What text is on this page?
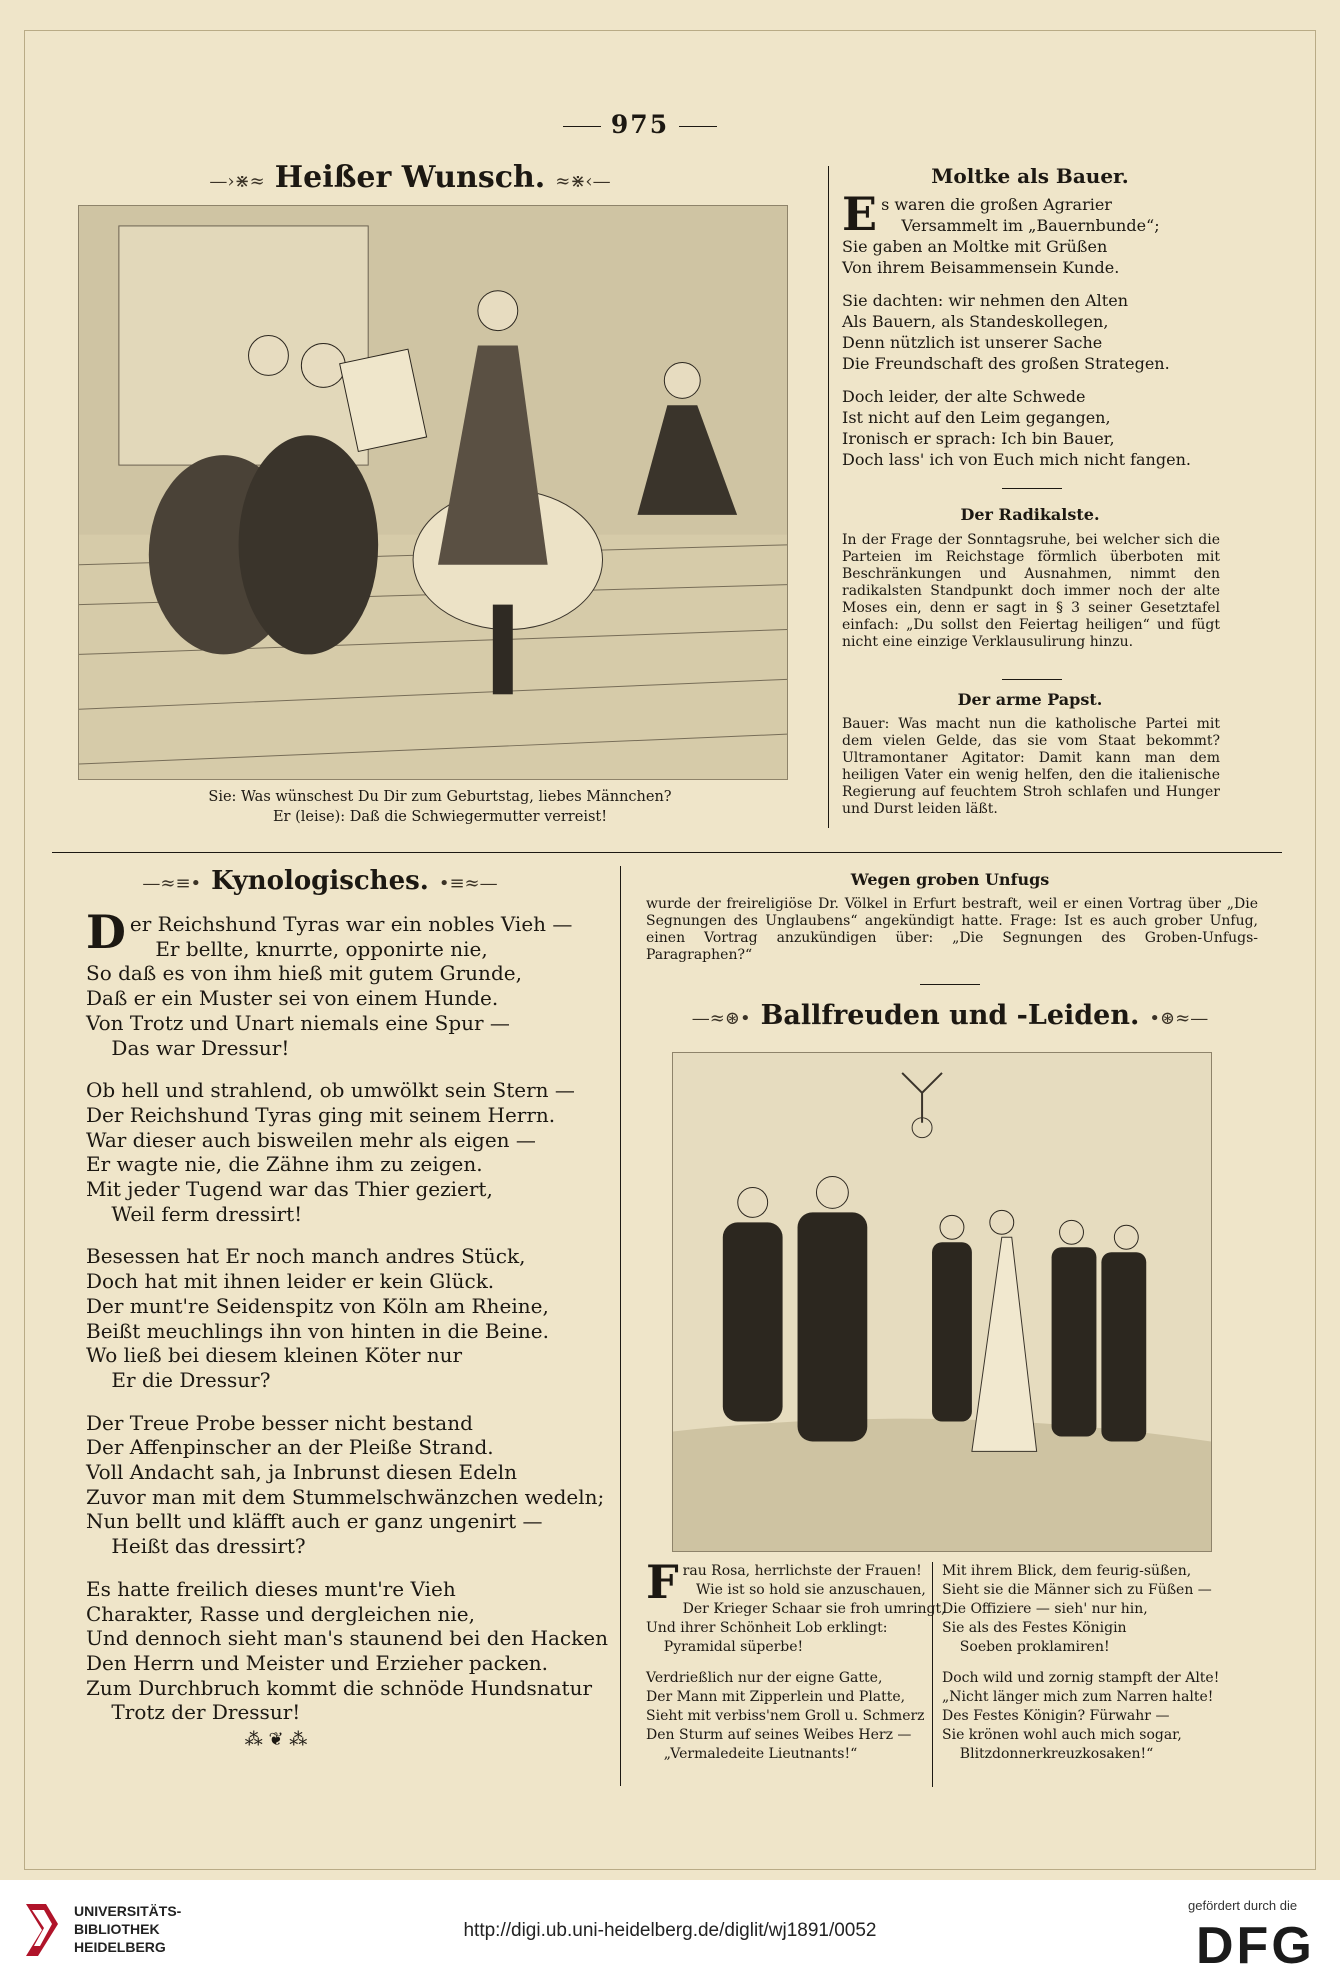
975
—›⋇≈ Heißer Wunsch. ≈⋇‹—
Sie: Was wünschest Du Dir zum Geburtstag, liebes Männchen?
Er (leise): Daß die Schwiegermutter verreist!
Moltke als Bauer.
E s waren die großen Agrarier
Versammelt im „Bauernbunde“;
Sie gaben an Moltke mit Grüßen
Von ihrem Beisammensein Kunde.
Sie dachten: wir nehmen den Alten
Als Bauern, als Standeskollegen,
Denn nützlich ist unserer Sache
Die Freundschaft des großen Strategen.
Doch leider, der alte Schwede
Ist nicht auf den Leim gegangen,
Ironisch er sprach: Ich bin Bauer,
Doch lass' ich von Euch mich nicht fangen.
Der Radikalste.
In der Frage der Sonntagsruhe, bei welcher sich die Parteien im Reichstage förmlich überboten mit Beschränkungen und Ausnahmen, nimmt den radikalsten Standpunkt doch immer noch der alte Moses ein, denn er sagt in § 3 seiner Gesetztafel einfach: „Du sollst den Feiertag heiligen“ und fügt nicht eine einzige Verklausulirung hinzu.
Der arme Papst.
Bauer: Was macht nun die katholische Partei mit dem vielen Gelde, das sie vom Staat bekommt? Ultramontaner Agitator: Damit kann man dem heiligen Vater ein wenig helfen, den die italienische Regierung auf feuchtem Stroh schlafen und Hunger und Durst leiden läßt.
—≈≡• Kynologisches. •≡≈—
D er Reichshund Tyras war ein nobles Vieh —
Er bellte, knurrte, opponirte nie,
So daß es von ihm hieß mit gutem Grunde,
Daß er ein Muster sei von einem Hunde.
Von Trotz und Unart niemals eine Spur —
Das war Dressur!
Ob hell und strahlend, ob umwölkt sein Stern —
Der Reichshund Tyras ging mit seinem Herrn.
War dieser auch bisweilen mehr als eigen —
Er wagte nie, die Zähne ihm zu zeigen.
Mit jeder Tugend war das Thier geziert,
Weil ferm dressirt!
Besessen hat Er noch manch andres Stück,
Doch hat mit ihnen leider er kein Glück.
Der munt're Seidenspitz von Köln am Rheine,
Beißt meuchlings ihn von hinten in die Beine.
Wo ließ bei diesem kleinen Köter nur
Er die Dressur?
Der Treue Probe besser nicht bestand
Der Affenpinscher an der Pleiße Strand.
Voll Andacht sah, ja Inbrunst diesen Edeln
Zuvor man mit dem Stummelschwänzchen wedeln;
Nun bellt und kläfft auch er ganz ungenirt —
Heißt das dressirt?
Es hatte freilich dieses munt're Vieh
Charakter, Rasse und dergleichen nie,
Und dennoch sieht man's staunend bei den Hacken
Den Herrn und Meister und Erzieher packen.
Zum Durchbruch kommt die schnöde Hundsnatur
Trotz der Dressur!
⁂ ❦ ⁂
Wegen groben Unfugs
wurde der freireligiöse Dr. Völkel in Erfurt bestraft, weil er einen Vortrag über „Die Segnungen des Unglaubens“ angekündigt hatte. Frage: Ist es auch grober Unfug, einen Vortrag anzukündigen über: „Die Segnungen des Groben-Unfugs-Paragraphen?“
—≈⊛• Ballfreuden und -Leiden. •⊛≈—
F rau Rosa, herrlichste der Frauen!
Wie ist so hold sie anzuschauen,
Der Krieger Schaar sie froh umringt,
Und ihrer Schönheit Lob erklingt:
Pyramidal süperbe!
Verdrießlich nur der eigne Gatte,
Der Mann mit Zipperlein und Platte,
Sieht mit verbiss'nem Groll u. Schmerz
Den Sturm auf seines Weibes Herz —
„Vermaledeite Lieutnants!“
Mit ihrem Blick, dem feurig-süßen,
Sieht sie die Männer sich zu Füßen —
Die Offiziere — sieh' nur hin,
Sie als des Festes Königin
Soeben proklamiren!
Doch wild und zornig stampft der Alte!
„Nicht länger mich zum Narren halte!
Des Festes Königin? Fürwahr —
Sie krönen wohl auch mich sogar,
Blitzdonnerkreuzkosaken!“
UNIVERSITÄTS-
BIBLIOTHEK
HEIDELBERG
http://digi.ub.uni-heidelberg.de/diglit/wj1891/0052
gefördert durch die
DFG
